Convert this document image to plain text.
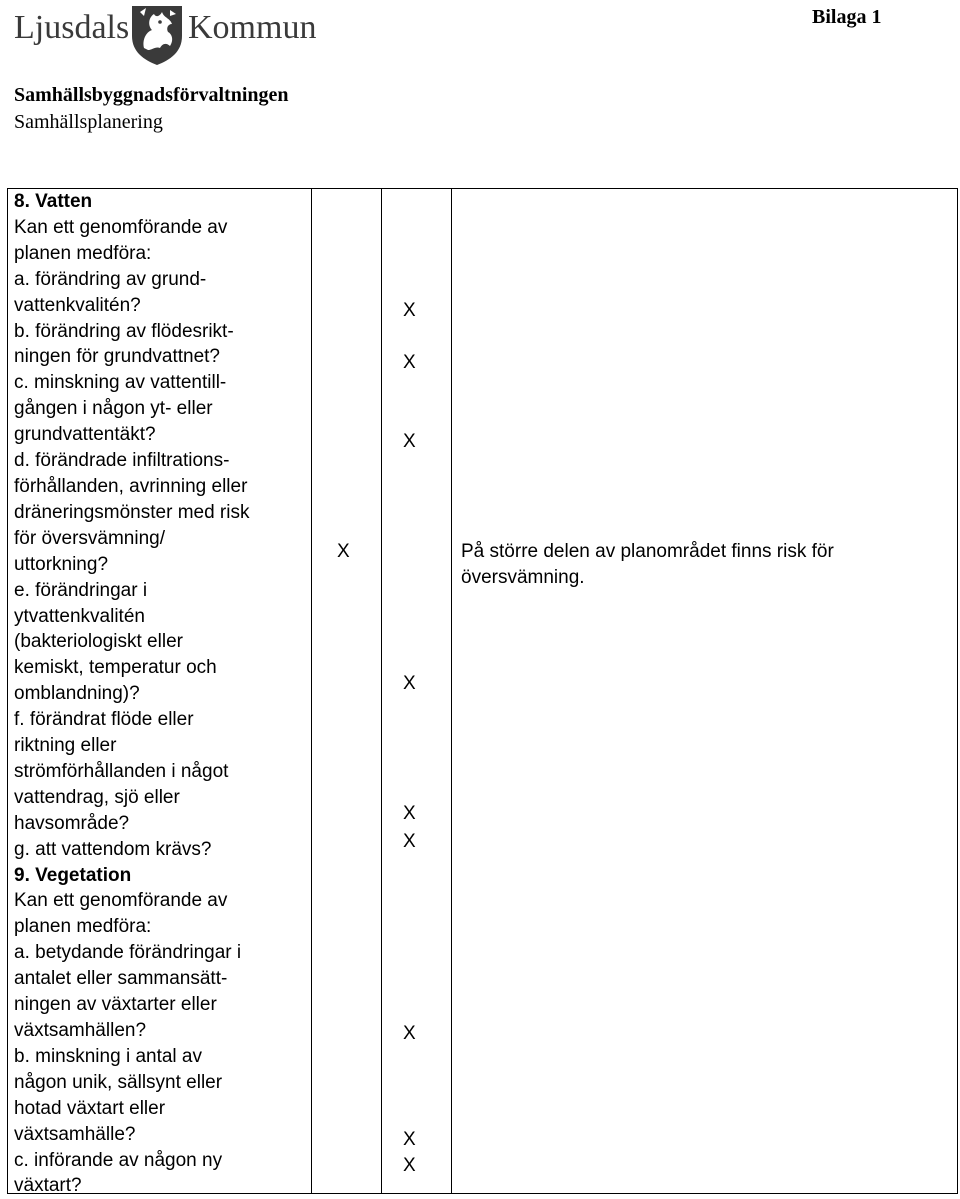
Ljusdals Kommun	Bilaga 1
Samhällsbyggnadsförvaltningen
Samhällsplanering
8. Vatten
Kan ett genomförande av
planen medföra:
a. förändring av grund-
vattenkvalitén?
b. förändring av flödesrikt-
ningen för grundvattnet?
c. minskning av vattentill-
gången i någon yt- eller
grundvattentäkt?
d. förändrade infiltrations-
förhållanden, avrinning eller
dräneringsmönster med risk
för översvämning/
uttorkning?
e. förändringar i
ytvattenkvalitén
(bakteriologiskt eller
kemiskt, temperatur och
omblandning)?
f. förändrat flöde eller
riktning eller
strömförhållanden i något
vattendrag, sjö eller
havsområde?
g. att vattendom krävs?
9. Vegetation
Kan ett genomförande av
planen medföra:
a. betydande förändringar i
antalet eller sammansätt-
ningen av växtarter eller
växtsamhällen?
b. minskning i antal av
någon unik, sällsynt eller
hotad växtart eller
växtsamhälle?
c. införande av någon ny
växtart?
X
X
X
X
X
X
X
X
X
X
På större delen av planområdet finns risk för
översvämning.
